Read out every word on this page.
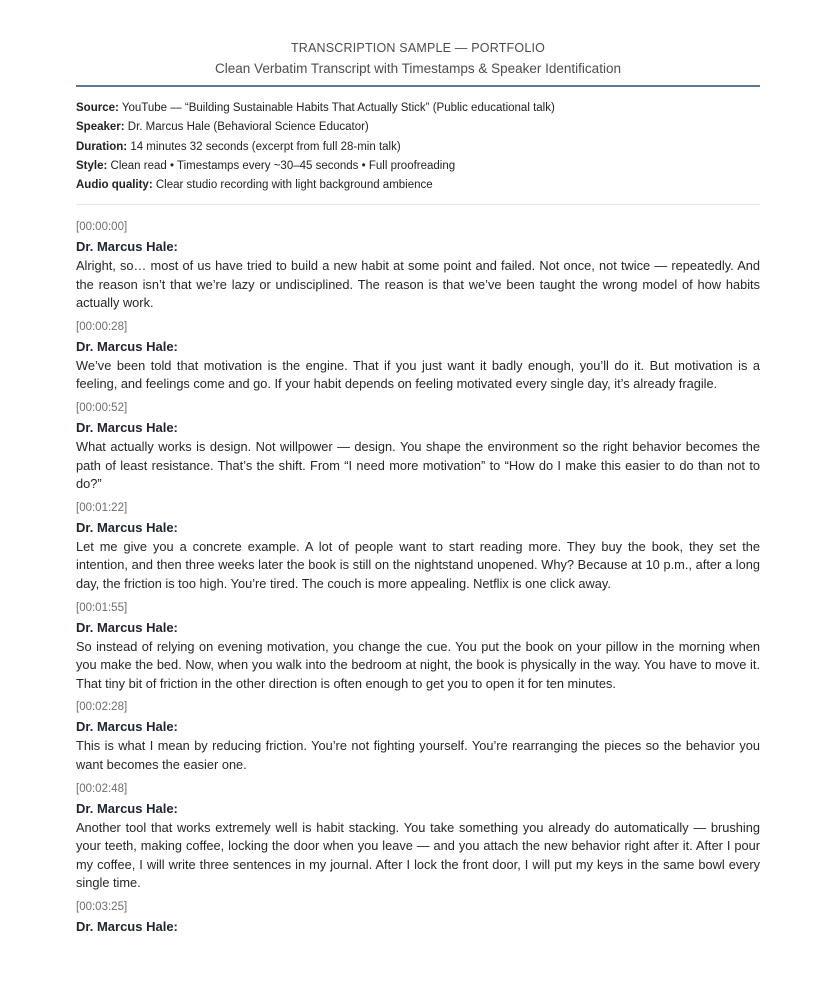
TRANSCRIPTION SAMPLE — PORTFOLIO
Clean Verbatim Transcript with Timestamps & Speaker Identification
Source: YouTube — “Building Sustainable Habits That Actually Stick” (Public educational talk)
Speaker: Dr. Marcus Hale (Behavioral Science Educator)
Duration: 14 minutes 32 seconds (excerpt from full 28-min talk)
Style: Clean read • Timestamps every ~30–45 seconds • Full proofreading
Audio quality: Clear studio recording with light background ambience
[00:00:00]
Dr. Marcus Hale:
Alright, so… most of us have tried to build a new habit at some point and failed. Not once, not twice — repeatedly. And the reason isn’t that we’re lazy or undisciplined. The reason is that we’ve been taught the wrong model of how habits actually work.
[00:00:28]
Dr. Marcus Hale:
We’ve been told that motivation is the engine. That if you just want it badly enough, you’ll do it. But motivation is a feeling, and feelings come and go. If your habit depends on feeling motivated every single day, it’s already fragile.
[00:00:52]
Dr. Marcus Hale:
What actually works is design. Not willpower — design. You shape the environment so the right behavior becomes the path of least resistance. That’s the shift. From “I need more motivation” to “How do I make this easier to do than not to do?”
[00:01:22]
Dr. Marcus Hale:
Let me give you a concrete example. A lot of people want to start reading more. They buy the book, they set the intention, and then three weeks later the book is still on the nightstand unopened. Why? Because at 10 p.m., after a long day, the friction is too high. You’re tired. The couch is more appealing. Netflix is one click away.
[00:01:55]
Dr. Marcus Hale:
So instead of relying on evening motivation, you change the cue. You put the book on your pillow in the morning when you make the bed. Now, when you walk into the bedroom at night, the book is physically in the way. You have to move it. That tiny bit of friction in the other direction is often enough to get you to open it for ten minutes.
[00:02:28]
Dr. Marcus Hale:
This is what I mean by reducing friction. You’re not fighting yourself. You’re rearranging the pieces so the behavior you want becomes the easier one.
[00:02:48]
Dr. Marcus Hale:
Another tool that works extremely well is habit stacking. You take something you already do automatically — brushing your teeth, making coffee, locking the door when you leave — and you attach the new behavior right after it. After I pour my coffee, I will write three sentences in my journal. After I lock the front door, I will put my keys in the same bowl every single time.
[00:03:25]
Dr. Marcus Hale:
